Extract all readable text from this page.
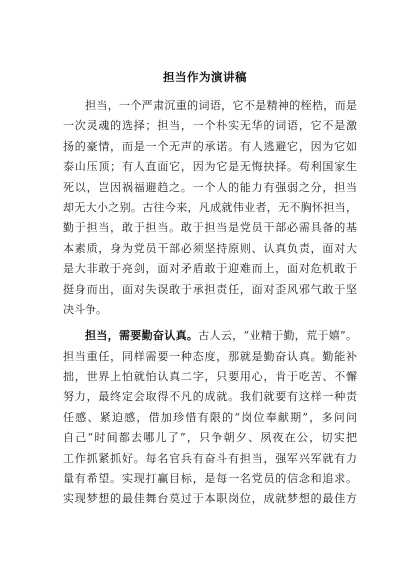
担当作为演讲稿
担当，一个严肃沉重的词语，它不是精神的桎梏，而是
一次灵魂的选择；担当，一个朴实无华的词语，它不是激
扬的豪情，而是一个无声的承诺。有人逃避它，因为它如
泰山压顶；有人直面它，因为它是无悔抉择。苟利国家生
死以，岂因祸福避趋之。一个人的能力有强弱之分，担当
却无大小之别。古往今来，凡成就伟业者，无不胸怀担当，
勤于担当，敢于担当。敢于担当是党员干部必需具备的基
本素质，身为党员干部必须坚持原则、认真负责，面对大
是大非敢于亮剑，面对矛盾敢于迎难而上，面对危机敢于
挺身而出，面对失误敢于承担责任，面对歪风邪气敢于坚
决斗争。
担当，需要勤奋认真。古人云，“业精于勤，荒于嬉”。
担当重任，同样需要一种态度，那就是勤奋认真。勤能补
拙，世界上怕就怕认真二字，只要用心，肯于吃苦、不懈
努力，最终定会取得不凡的成就。我们就要有这样一种责
任感、紧迫感，借加珍惜有限的“岗位奉献期”，多问问
自己“时间都去哪儿了”，只争朝夕、夙夜在公，切实把
工作抓紧抓好。每名官兵有奋斗有担当，强军兴军就有力
量有希望。实现打赢目标，是每一名党员的信念和追求。
实现梦想的最佳舞台莫过于本职岗位，成就梦想的最佳方
